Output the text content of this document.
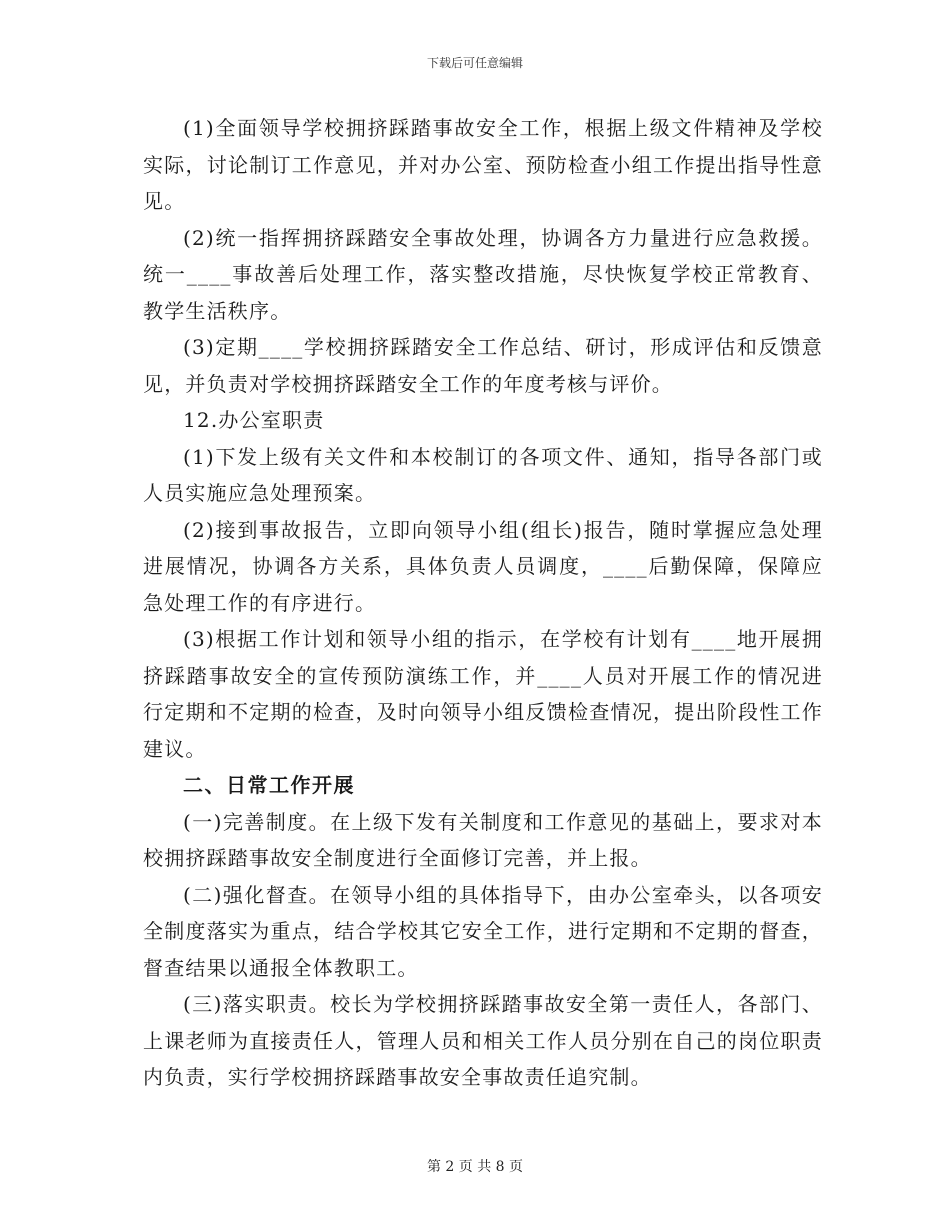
下载后可任意编辑

(1)全面领导学校拥挤踩踏事故安全工作，根据上级文件精神及学校实际，讨论制订工作意见，并对办公室、预防检查小组工作提出指导性意见。

(2)统一指挥拥挤踩踏安全事故处理，协调各方力量进行应急救援。统一____事故善后处理工作，落实整改措施，尽快恢复学校正常教育、教学生活秩序。

(3)定期____学校拥挤踩踏安全工作总结、研讨，形成评估和反馈意见，并负责对学校拥挤踩踏安全工作的年度考核与评价。

12.办公室职责

(1)下发上级有关文件和本校制订的各项文件、通知，指导各部门或人员实施应急处理预案。

(2)接到事故报告，立即向领导小组(组长)报告，随时掌握应急处理进展情况，协调各方关系，具体负责人员调度，____后勤保障，保障应急处理工作的有序进行。

(3)根据工作计划和领导小组的指示，在学校有计划有____地开展拥挤踩踏事故安全的宣传预防演练工作，并____人员对开展工作的情况进行定期和不定期的检查，及时向领导小组反馈检查情况，提出阶段性工作建议。

二、日常工作开展

(一)完善制度。在上级下发有关制度和工作意见的基础上，要求对本校拥挤踩踏事故安全制度进行全面修订完善，并上报。

(二)强化督查。在领导小组的具体指导下，由办公室牵头，以各项安全制度落实为重点，结合学校其它安全工作，进行定期和不定期的督查，督查结果以通报全体教职工。

(三)落实职责。校长为学校拥挤踩踏事故安全第一责任人，各部门、上课老师为直接责任人，管理人员和相关工作人员分别在自己的岗位职责内负责，实行学校拥挤踩踏事故安全事故责任追究制。

第 2 页 共 8 页
